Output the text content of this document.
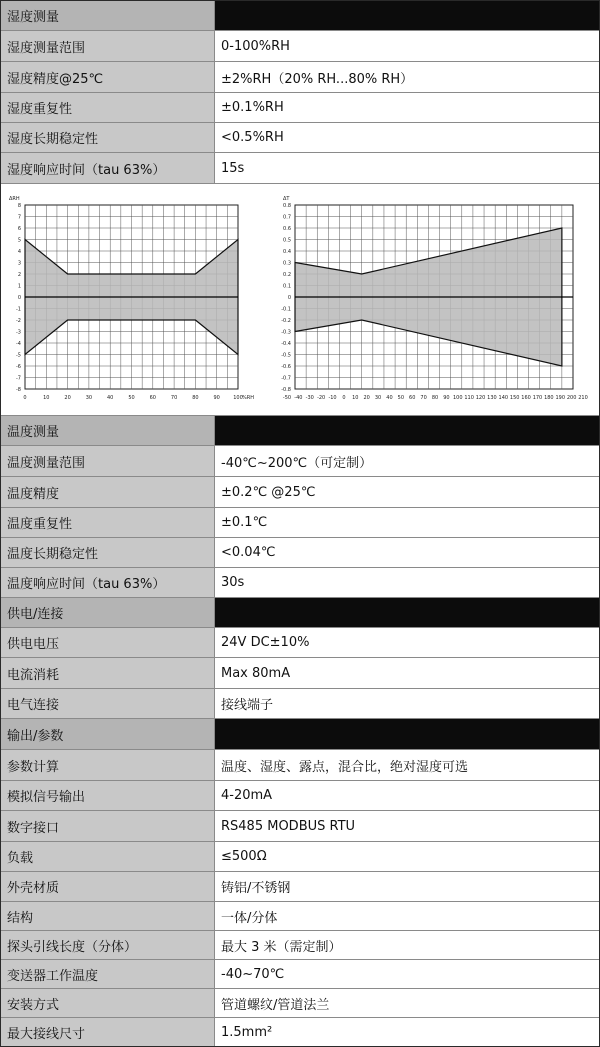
湿度测量
湿度测量范围	0-100%RH
湿度精度@25℃	±2%RH（20% RH...80% RH）
湿度重复性	±0.1%RH
湿度长期稳定性	<0.5%RH
湿度响应时间（tau 63%）	15s
8
7
6
5
4
3
2
1
0
-1
-2
-3
-4
-5
-6
-7
-8
0	10	20	30	40	50	60	70	80	90	100
ΔRH
%RH
0.8
0.7
0.6
0.5
0.4
0.3
0.2
0.1
0
-0.1
-0.2
-0.3
-0.4
-0.5
-0.6
-0.7
-0.8
-50 -40 -30 -20 -10 0 10 20 30 40 50 60 70 80 90 100 110 120 130 140 150 160 170 180 190 200 210
ΔT
温度测量
温度测量范围	-40℃~200℃（可定制）
温度精度	±0.2℃ @25℃
温度重复性	±0.1℃
温度长期稳定性	<0.04℃
温度响应时间（tau 63%）	30s
供电/连接
供电电压	24V DC±10%
电流消耗	Max 80mA
电气连接	接线端子
输出/参数
参数计算	温度、湿度、露点，混合比，绝对湿度可选
模拟信号输出	4-20mA
数字接口	RS485 MODBUS RTU
负载	≤500Ω
外壳材质	铸铝/不锈钢
结构	一体/分体
探头引线长度（分体）	最大 3 米（需定制）
变送器工作温度	-40~70℃
安装方式	管道螺纹/管道法兰
最大接线尺寸	1.5mm²
